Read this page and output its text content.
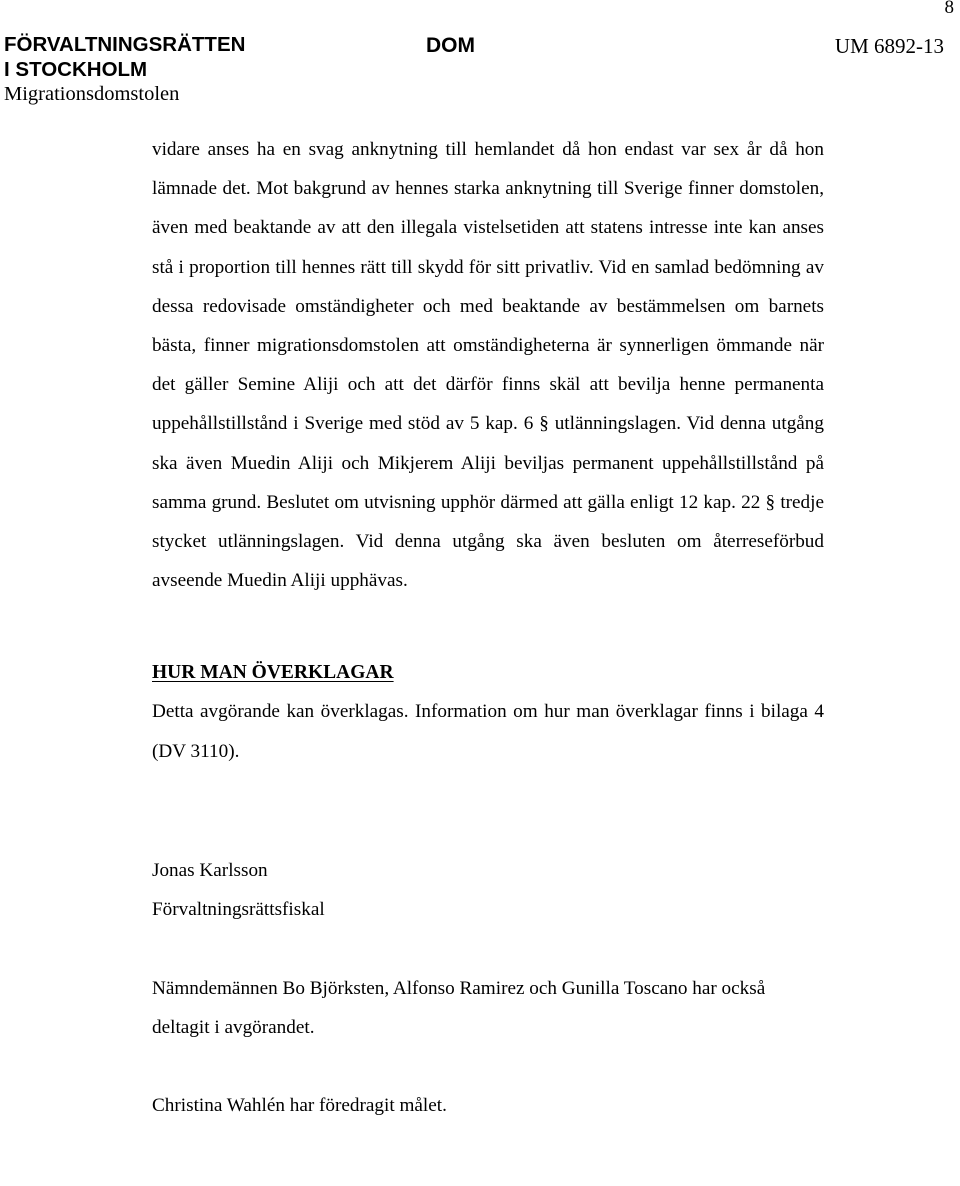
8
FÖRVALTNINGSRÄTTEN
I STOCKHOLM
Migrationsdomstolen
DOM	UM 6892-13

vidare anses ha en svag anknytning till hemlandet då hon endast var sex år då hon lämnade det. Mot bakgrund av hennes starka anknytning till Sverige finner domstolen, även med beaktande av att den illegala vistelsetiden att statens intresse inte kan anses stå i proportion till hennes rätt till skydd för sitt privatliv. Vid en samlad bedömning av dessa redovisade omständigheter och med beaktande av bestämmelsen om barnets bästa, finner migrationsdomstolen att omständigheterna är synnerligen ömmande när det gäller Semine Aliji och att det därför finns skäl att bevilja henne permanenta uppehållstillstånd i Sverige med stöd av 5 kap. 6 § utlänningslagen. Vid denna utgång ska även Muedin Aliji och Mikjerem Aliji beviljas permanent uppehållstillstånd på samma grund. Beslutet om utvisning upphör därmed att gälla enligt 12 kap. 22 § tredje stycket utlänningslagen. Vid denna utgång ska även besluten om återreseförbud avseende Muedin Aliji upphävas.

HUR MAN ÖVERKLAGAR

Detta avgörande kan överklagas. Information om hur man överklagar finns i bilaga 4 (DV 3110).

Jonas Karlsson

Förvaltningsrättsfiskal

Nämndemännen Bo Björksten, Alfonso Ramirez och Gunilla Toscano har också deltagit i avgörandet.

Christina Wahlén har föredragit målet.
